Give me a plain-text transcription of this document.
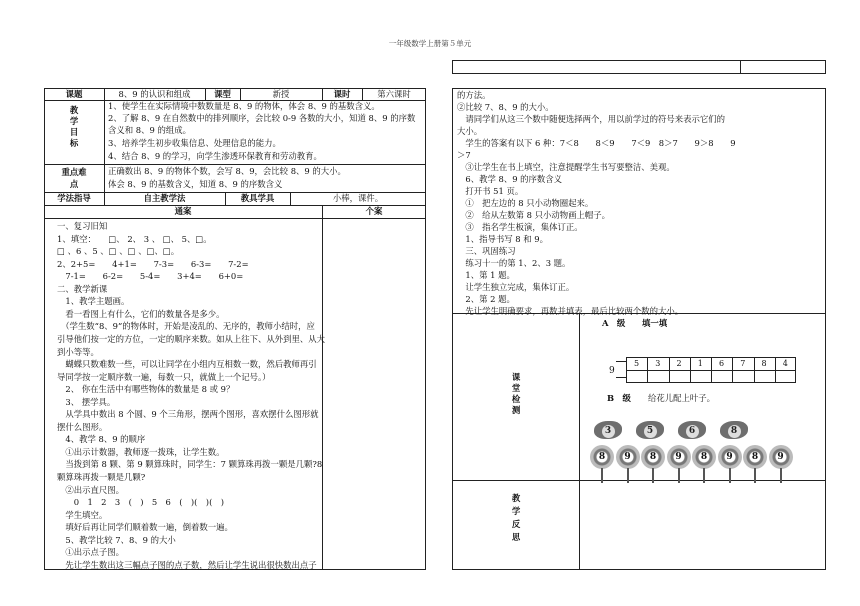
一年级数学上册第５单元
课题	8、9 的认识和组成	课型	新授	课时	第六课时
教学目标
1、使学生在实际情境中数数量是 8、9 的物体，体会 8、9 的基数含义。
2、了解 8、9 在自然数中的排列顺序，会比较 0-9 各数的大小，知道 8、9 的序数
含义和 8、9 的组成。
3、培养学生初步收集信息、处理信息的能力。
4、结合 8、9 的学习，向学生渗透环保教育和劳动教育。
重点难点
正确数出 8、9 的物体个数，会写 8、9，会比较 8、9 的大小。
体会 8、9 的基数含义，知道 8、9 的序数含义
学法指导	自主教学法	教具学具	小棒，课件。
通案	个案
一、复习旧知
1、填空：　　□、 2、 3 、 □、 5、□。
□ 、6 、5 、□ 、□ 、□、□。
2、2+5=　　4+1=　　7-3=　　6-3=　　7-2=
　7-1=　　6-2=　　5-4=　　3+4=　　6+0=
二、教学新课
　1、教学主题画。
　看一看图上有什么，它们的数量各是多少。
　（学生数“8、9”的物体时，开始是凌乱的、无序的，教师小结时，应
引导他们按一定的方位，一定的顺序来数。如从上往下、从外到里、从大
到小等等。
　蝴蝶只数难数一些，可以让同学在小组内互相数一数，然后教师再引
导同学按一定顺序数一遍，每数一只，就做上一个记号。）
　2、 你在生活中有哪些物体的数量是 8 或 9？
　3、 摆学具。
　从学具中数出 8 个圆、9 个三角形，摆两个图形，喜欢摆什么图形就
摆什么图形。
　4、教学 8、9 的顺序
　①出示计数器，教师逐一拨珠，让学生数。
　当拨到第 8 颗、第 9 颗算珠时，同学生：7 颗算珠再拨一颗是几颗?8
颗算珠再拨一颗是几颗?
　②出示直尺图。
　　0　1　2　3　(　)　5　6　(　)(　)(　)
　学生填空。
　填好后再让同学们顺着数一遍，倒着数一遍。
　5、教学比较 7、8、9 的大小
　①出示点子图。
　先让学生数出这三幅点子图的点子数，然后让学生说出很快数出点子
的方法。
②比较 7、8、9 的大小。
　请同学们从这三个数中随便选择两个，用以前学过的符号来表示它们的
大小。
　学生的答案有以下 6 种：7＜8　　8＜9　　7＜9　8＞7　　9＞8　　9
＞7
　③让学生在书上填空，注意提醒学生书写要整洁、美观。
　6、教学 8、9 的序数含义
　打开书 51 页。
　①　把左边的 8 只小动物圈起来。
　②　给从左数第 8 只小动物画上帽子。
　③　指名学生板演，集体订正。
　1、指导书写 8 和 9。
　三、巩固练习
　练习十一的第 1、2、3 题。
　1、第 1 题。
　让学生独立完成，集体订正。
　2、第 2 题。
　先让学生明确要求，再数并填表，最后比较两个数的大小。
课堂检测
A　级　　填一填
9
5	3	2	1	6	7	8	4
B　级 给花儿配上叶子。
3	5	6	8
8	9	8	9	8	9	8	9
教学反思
